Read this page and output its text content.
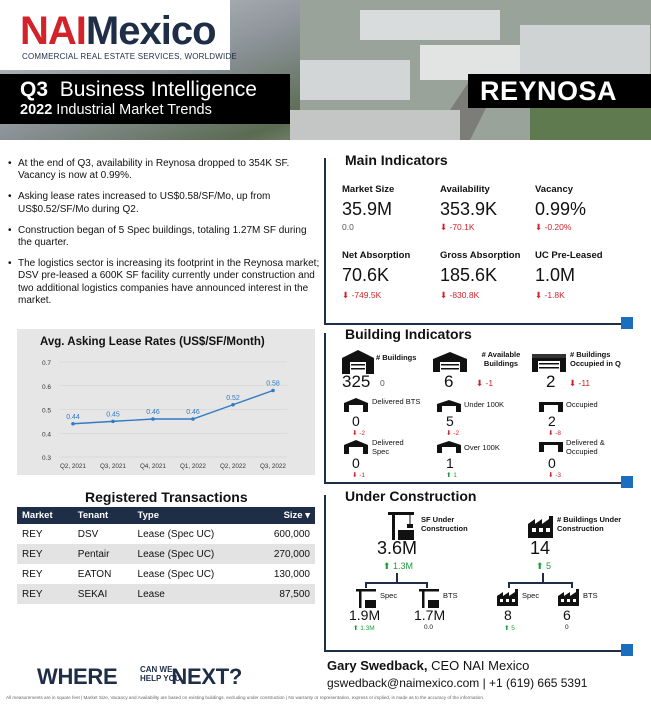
NAIMexico
COMMERCIAL REAL ESTATE SERVICES, WORLDWIDE
Q3 Business Intelligence
2022 Industrial Market Trends
REYNOSA
• At the end of Q3, availability in Reynosa dropped to 354K SF. Vacancy is now at 0.99%.
• Asking lease rates increased to US$0.58/SF/Mo, up from US$0.52/SF/Mo during Q2.
• Construction began of 5 Spec buildings, totaling 1.27M SF during the quarter.
• The logistics sector is increasing its footprint in the Reynosa market; DSV pre-leased a 600K SF facility currently under construction and two additional logistics companies have announced interest in the market.
Avg. Asking Lease Rates (US$/SF/Month)
0.3
0.4
0.5
0.6
0.7
Q2, 2021 Q3, 2021 Q4, 2021 Q1, 2022 Q2, 2022 Q3, 2022
0.44	0.45	0.46	0.46
0.52
0.58
Registered Transactions
Market	Tenant	Type	Size ▾
REY	DSV	Lease (Spec UC)	600,000
REY	Pentair	Lease (Spec UC)	270,000
REY	EATON	Lease (Spec UC)	130,000
REY	SEKAI	Lease	87,500
Main Indicators
Market Size
35.9M
0.0
Availability
353.9K
⬇ -70.1K
Vacancy
0.99%
⬇ -0.20%
Net Absorption
70.6K
⬇ -749.5K
Gross Absorption
185.6K
⬇ -830.8K
UC Pre-Leased
1.0M
⬇ -1.8K
Building Indicators
# Buildings
325 0
# Available Buildings
6	⬇ -1
# Buildings Occupied in Q
2 ⬇ -11
Delivered BTS
0
⬇ -2
Delivered Spec
0
⬇ -1
Under 100K
5
⬇ -2
Over 100K
1
⬆ 1
Occupied
2
⬇ -8
Delivered & Occupied
0
⬇ -3
Under Construction
SF Under Construction
3.6M
⬆ 1.3M
# Buildings Under Construction
14
⬆ 5
Spec
1.9M
⬆ 1.3M
BTS
1.7M
0.0
Spec
8
⬆ 5
BTS
6
0
WHERE NEXT?
CAN WE
HELP YOU
Gary Swedback, CEO NAI Mexico
gswedback@naimexico.com | +1 (619) 665 5391
All measurements are in square feet | Market Size, Vacancy and Availability are based on existing buildings, excluding under construction | No warranty or representation, express or implied, is made as to the accuracy of the information.
